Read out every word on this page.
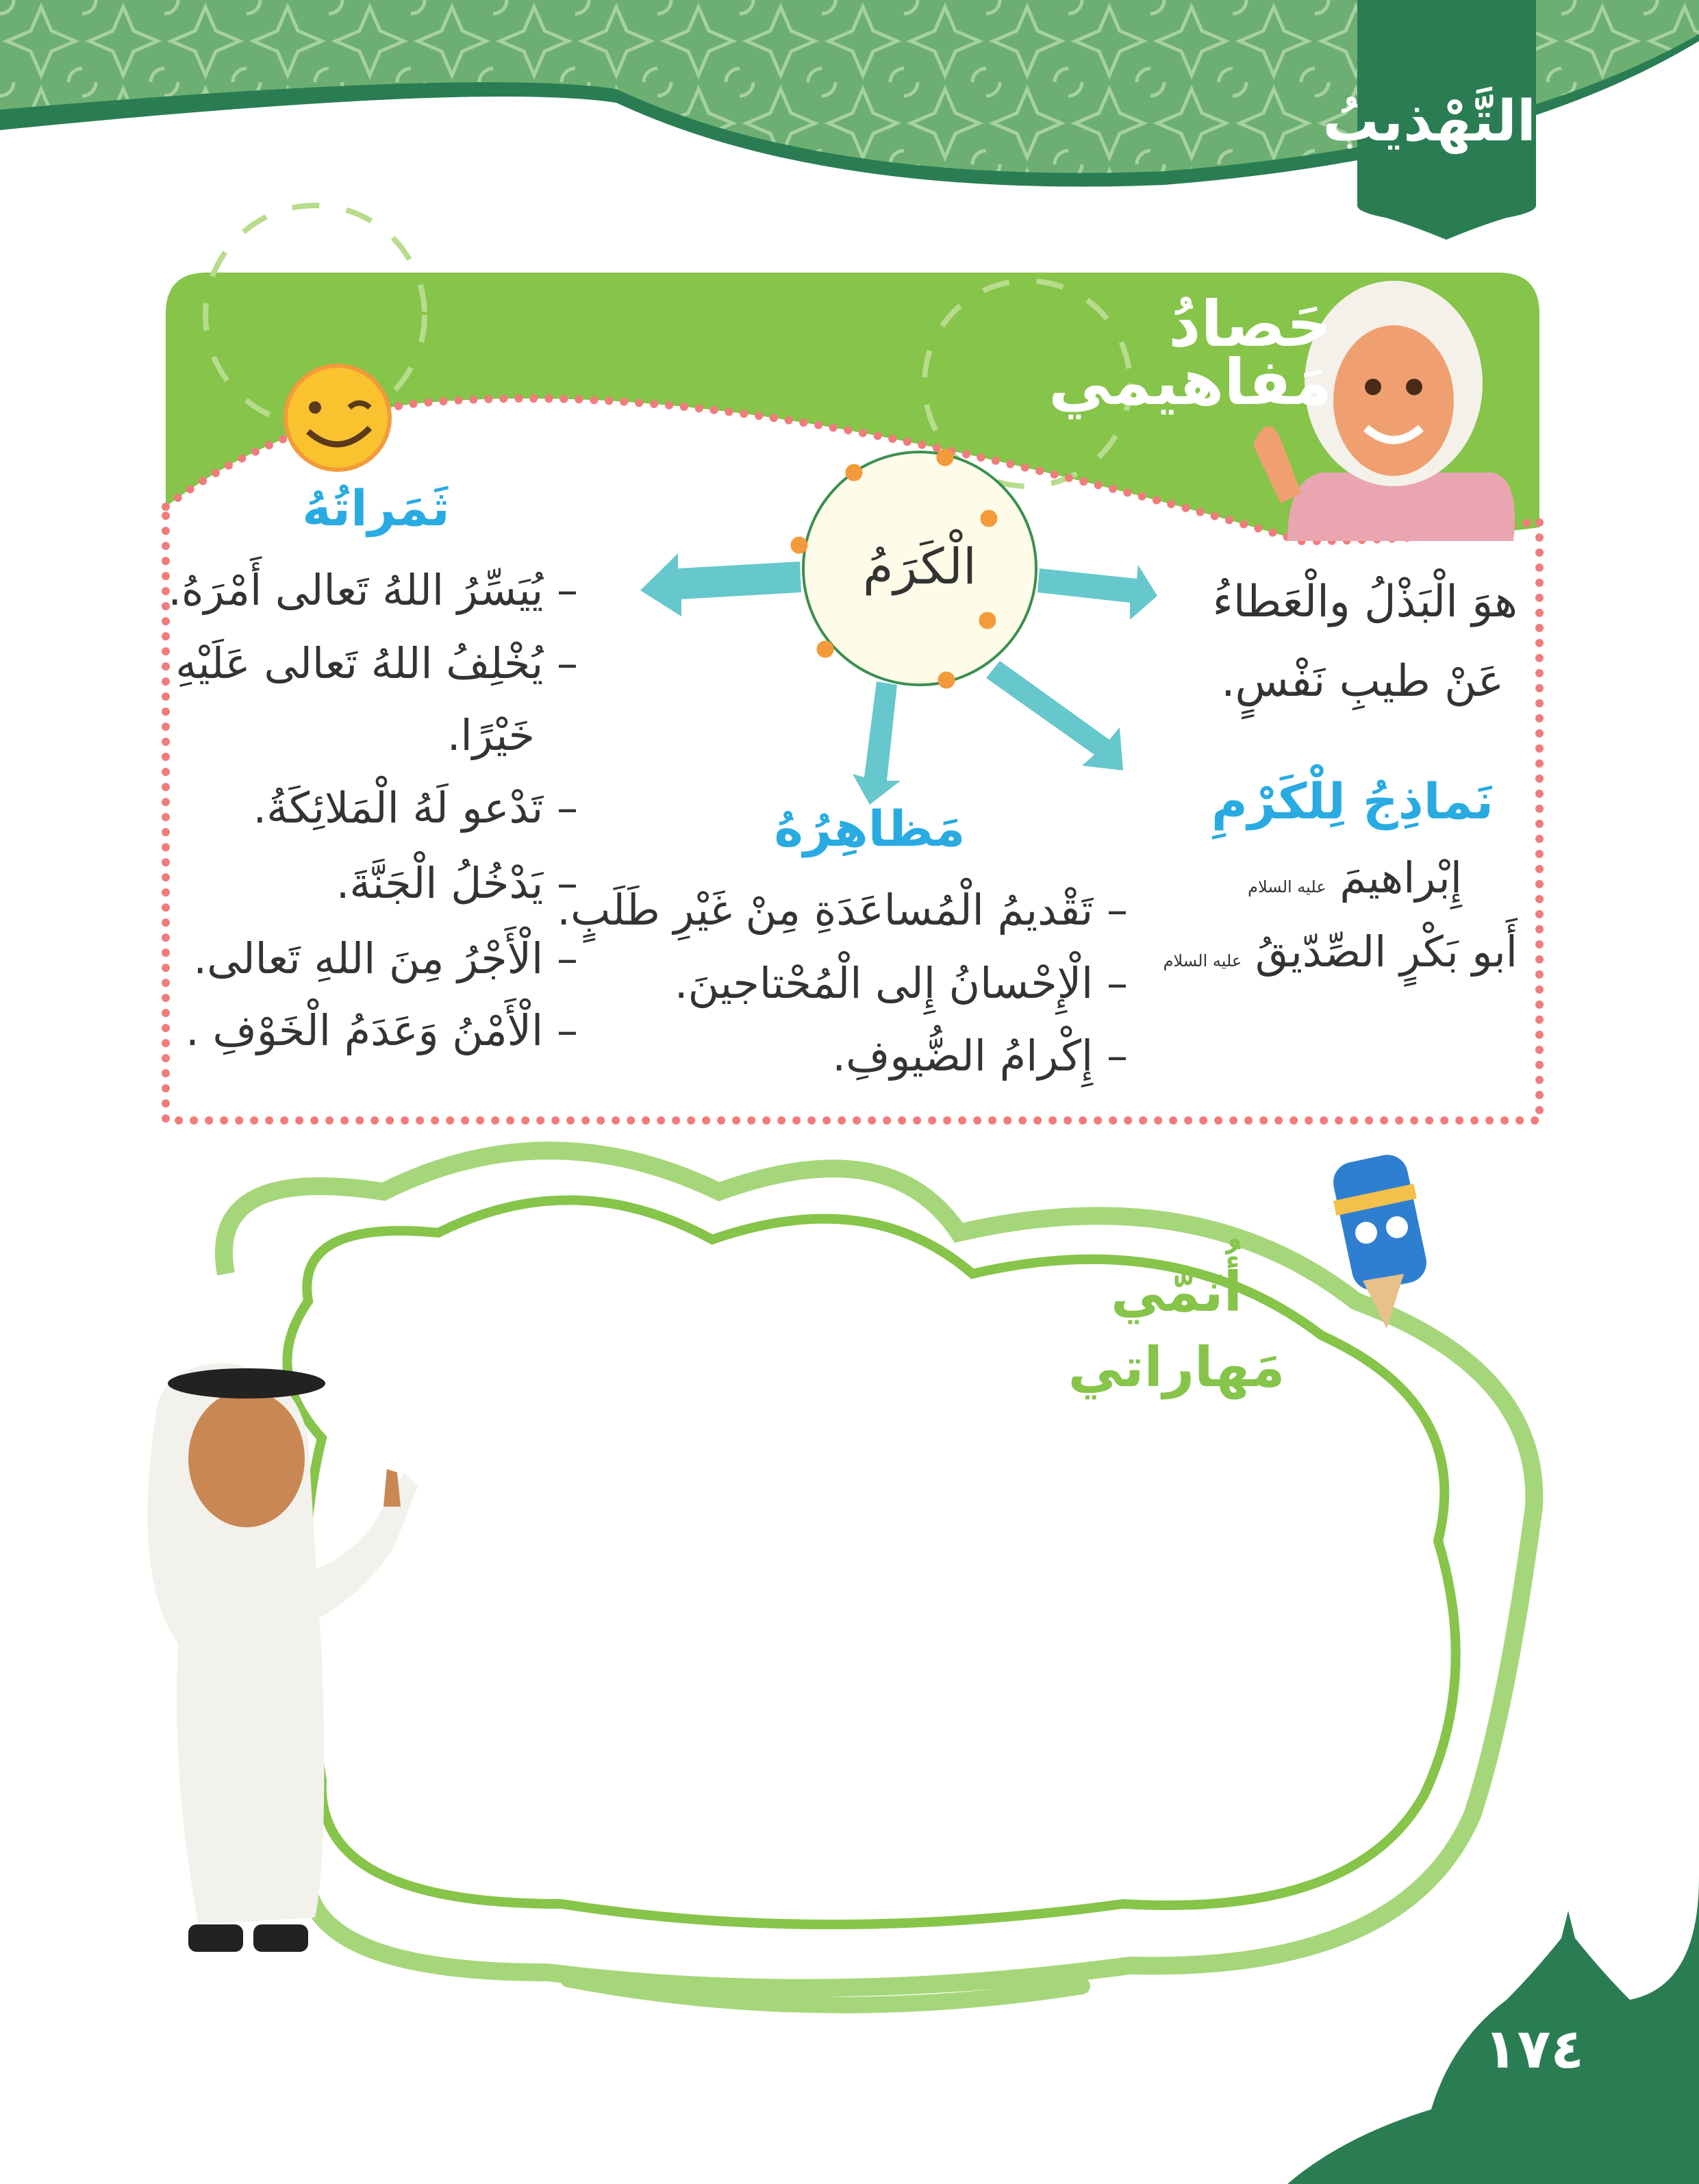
التَّهْذيبُ
حَصادُ
مَفاهيمي
الْكَرَمُ
هوَ الْبَذْلُ والْعَطاءُ
عَنْ طيبِ نَفْسٍ.
ثَمَراتُهُ
– يُيَسِّرُ اللهُ تَعالى أَمْرَهُ.
– يُخْلِفُ اللهُ تَعالى عَلَيْهِ
خَيْرًا.
– تَدْعو لَهُ الْمَلائِكَةُ.
– يَدْخُلُ الْجَنَّةَ.
– الْأَجْرُ مِنَ اللهِ تَعالى.
– الْأَمْنُ وَعَدَمُ الْخَوْفِ .
مَظاهِرُهُ
– تَقْديمُ الْمُساعَدَةِ مِنْ غَيْرِ طَلَبٍ.
– الْإِحْسانُ إِلى الْمُحْتاجينَ.
– إِكْرامُ الضُّيوفِ.
نَماذِجُ لِلْكَرْمِ
إِبْراهيمَ عليه السلام
أَبو بَكْرٍ الصِّدّيقُ عليه السلام
أُنَمّي
مَهاراتي
١٧٤
